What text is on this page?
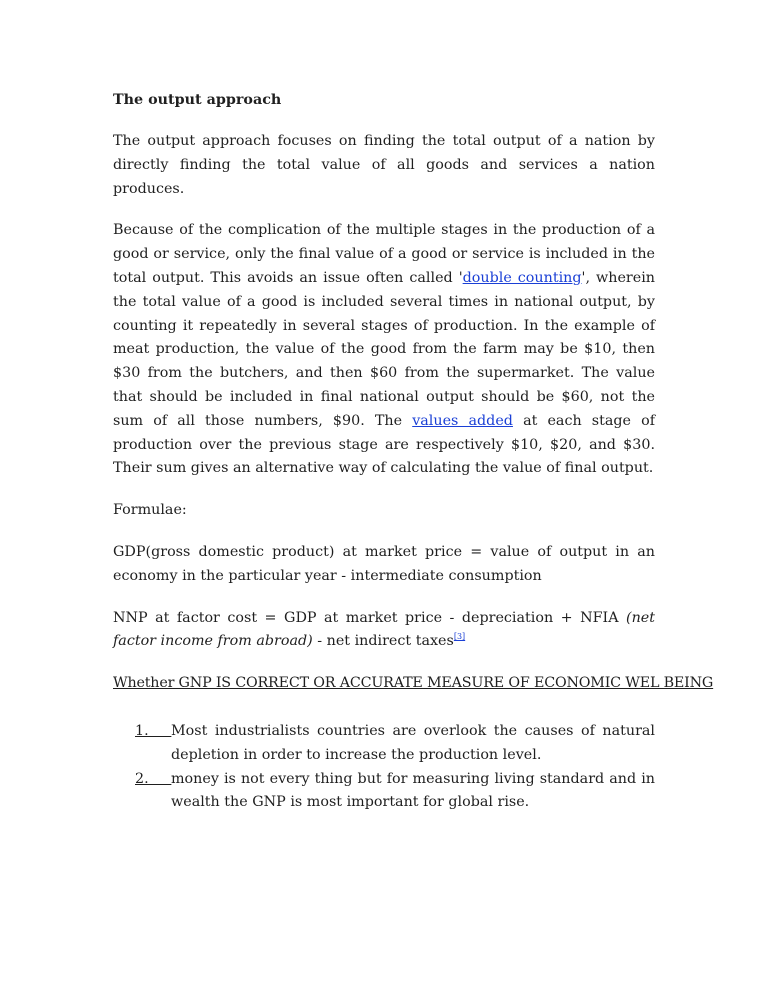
The output approach

The output approach focuses on finding the total output of a nation by directly finding the total value of all goods and services a nation produces.

Because of the complication of the multiple stages in the production of a good or service, only the final value of a good or service is included in the total output. This avoids an issue often called 'double counting', wherein the total value of a good is included several times in national output, by counting it repeatedly in several stages of production. In the example of meat production, the value of the good from the farm may be $10, then $30 from the butchers, and then $60 from the supermarket. The value that should be included in final national output should be $60, not the sum of all those numbers, $90. The values added at each stage of production over the previous stage are respectively $10, $20, and $30. Their sum gives an alternative way of calculating the value of final output.

Formulae:

GDP(gross domestic product) at market price = value of output in an economy in the particular year - intermediate consumption

NNP at factor cost = GDP at market price - depreciation + NFIA (net factor income from abroad) - net indirect taxes[3]

Whether GNP IS CORRECT OR ACCURATE MEASURE OF ECONOMIC WEL BEING
1. Most industrialists countries are overlook the causes of natural depletion in order to increase the production level.
2. money is not every thing but for measuring living standard and in wealth the GNP is most important for global rise.
